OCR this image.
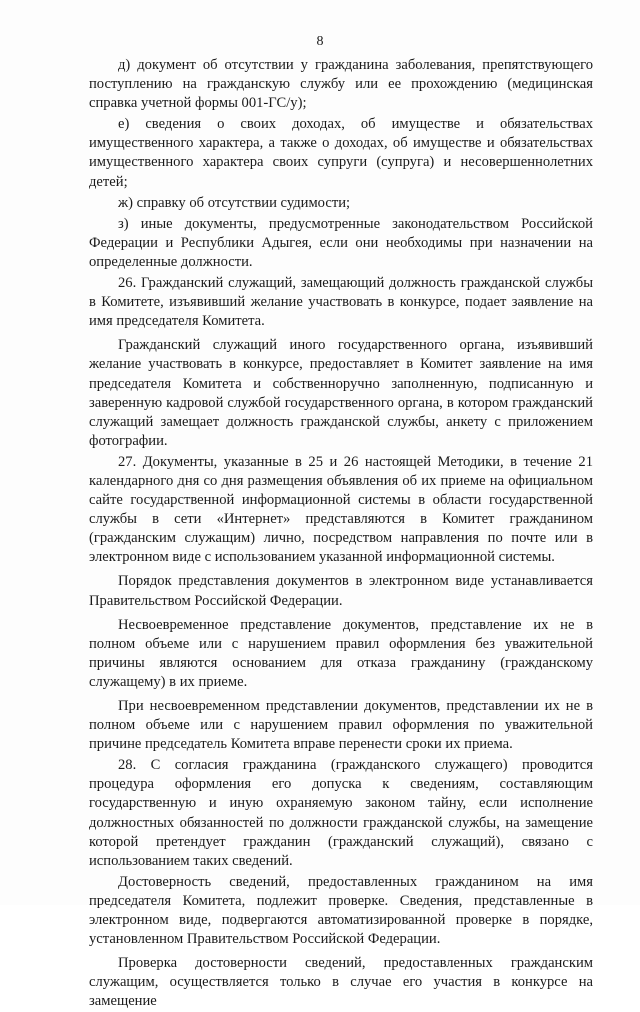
8

д) документ об отсутствии у гражданина заболевания, препятствующего поступлению на гражданскую службу или ее прохождению (медицинская справка учетной формы 001-ГС/у);

е) сведения о своих доходах, об имуществе и обязательствах имущественного характера, а также о доходах, об имуществе и обязательствах имущественного характера своих супруги (супруга) и несовершеннолетних детей;

ж) справку об отсутствии судимости;

з) иные документы, предусмотренные законодательством Российской Федерации и Республики Адыгея, если они необходимы при назначении на определенные должности.

26. Гражданский служащий, замещающий должность гражданской службы в Комитете, изъявивший желание участвовать в конкурсе, подает заявление на имя председателя Комитета.

Гражданский служащий иного государственного органа, изъявивший желание участвовать в конкурсе, предоставляет в Комитет заявление на имя председателя Комитета и собственноручно заполненную, подписанную и заверенную кадровой службой государственного органа, в котором гражданский служащий замещает должность гражданской службы, анкету с приложением фотографии.

27. Документы, указанные в 25 и 26 настоящей Методики, в течение 21 календарного дня со дня размещения объявления об их приеме на официальном сайте государственной информационной системы в области государственной службы в сети «Интернет» представляются в Комитет гражданином (гражданским служащим) лично, посредством направления по почте или в электронном виде с использованием указанной информационной системы.

Порядок представления документов в электронном виде устанавливается Правительством Российской Федерации.

Несвоевременное представление документов, представление их не в полном объеме или с нарушением правил оформления без уважительной причины являются основанием для отказа гражданину (гражданскому служащему) в их приеме.

При несвоевременном представлении документов, представлении их не в полном объеме или с нарушением правил оформления по уважительной причине председатель Комитета вправе перенести сроки их приема.

28. С согласия гражданина (гражданского служащего) проводится процедура оформления его допуска к сведениям, составляющим государственную и иную охраняемую законом тайну, если исполнение должностных обязанностей по должности гражданской службы, на замещение которой претендует гражданин (гражданский служащий), связано с использованием таких сведений.

Достоверность сведений, предоставленных гражданином на имя председателя Комитета, подлежит проверке. Сведения, представленные в электронном виде, подвергаются автоматизированной проверке в порядке, установленном Правительством Российской Федерации.

Проверка достоверности сведений, предоставленных гражданским служащим, осуществляется только в случае его участия в конкурсе на замещение
